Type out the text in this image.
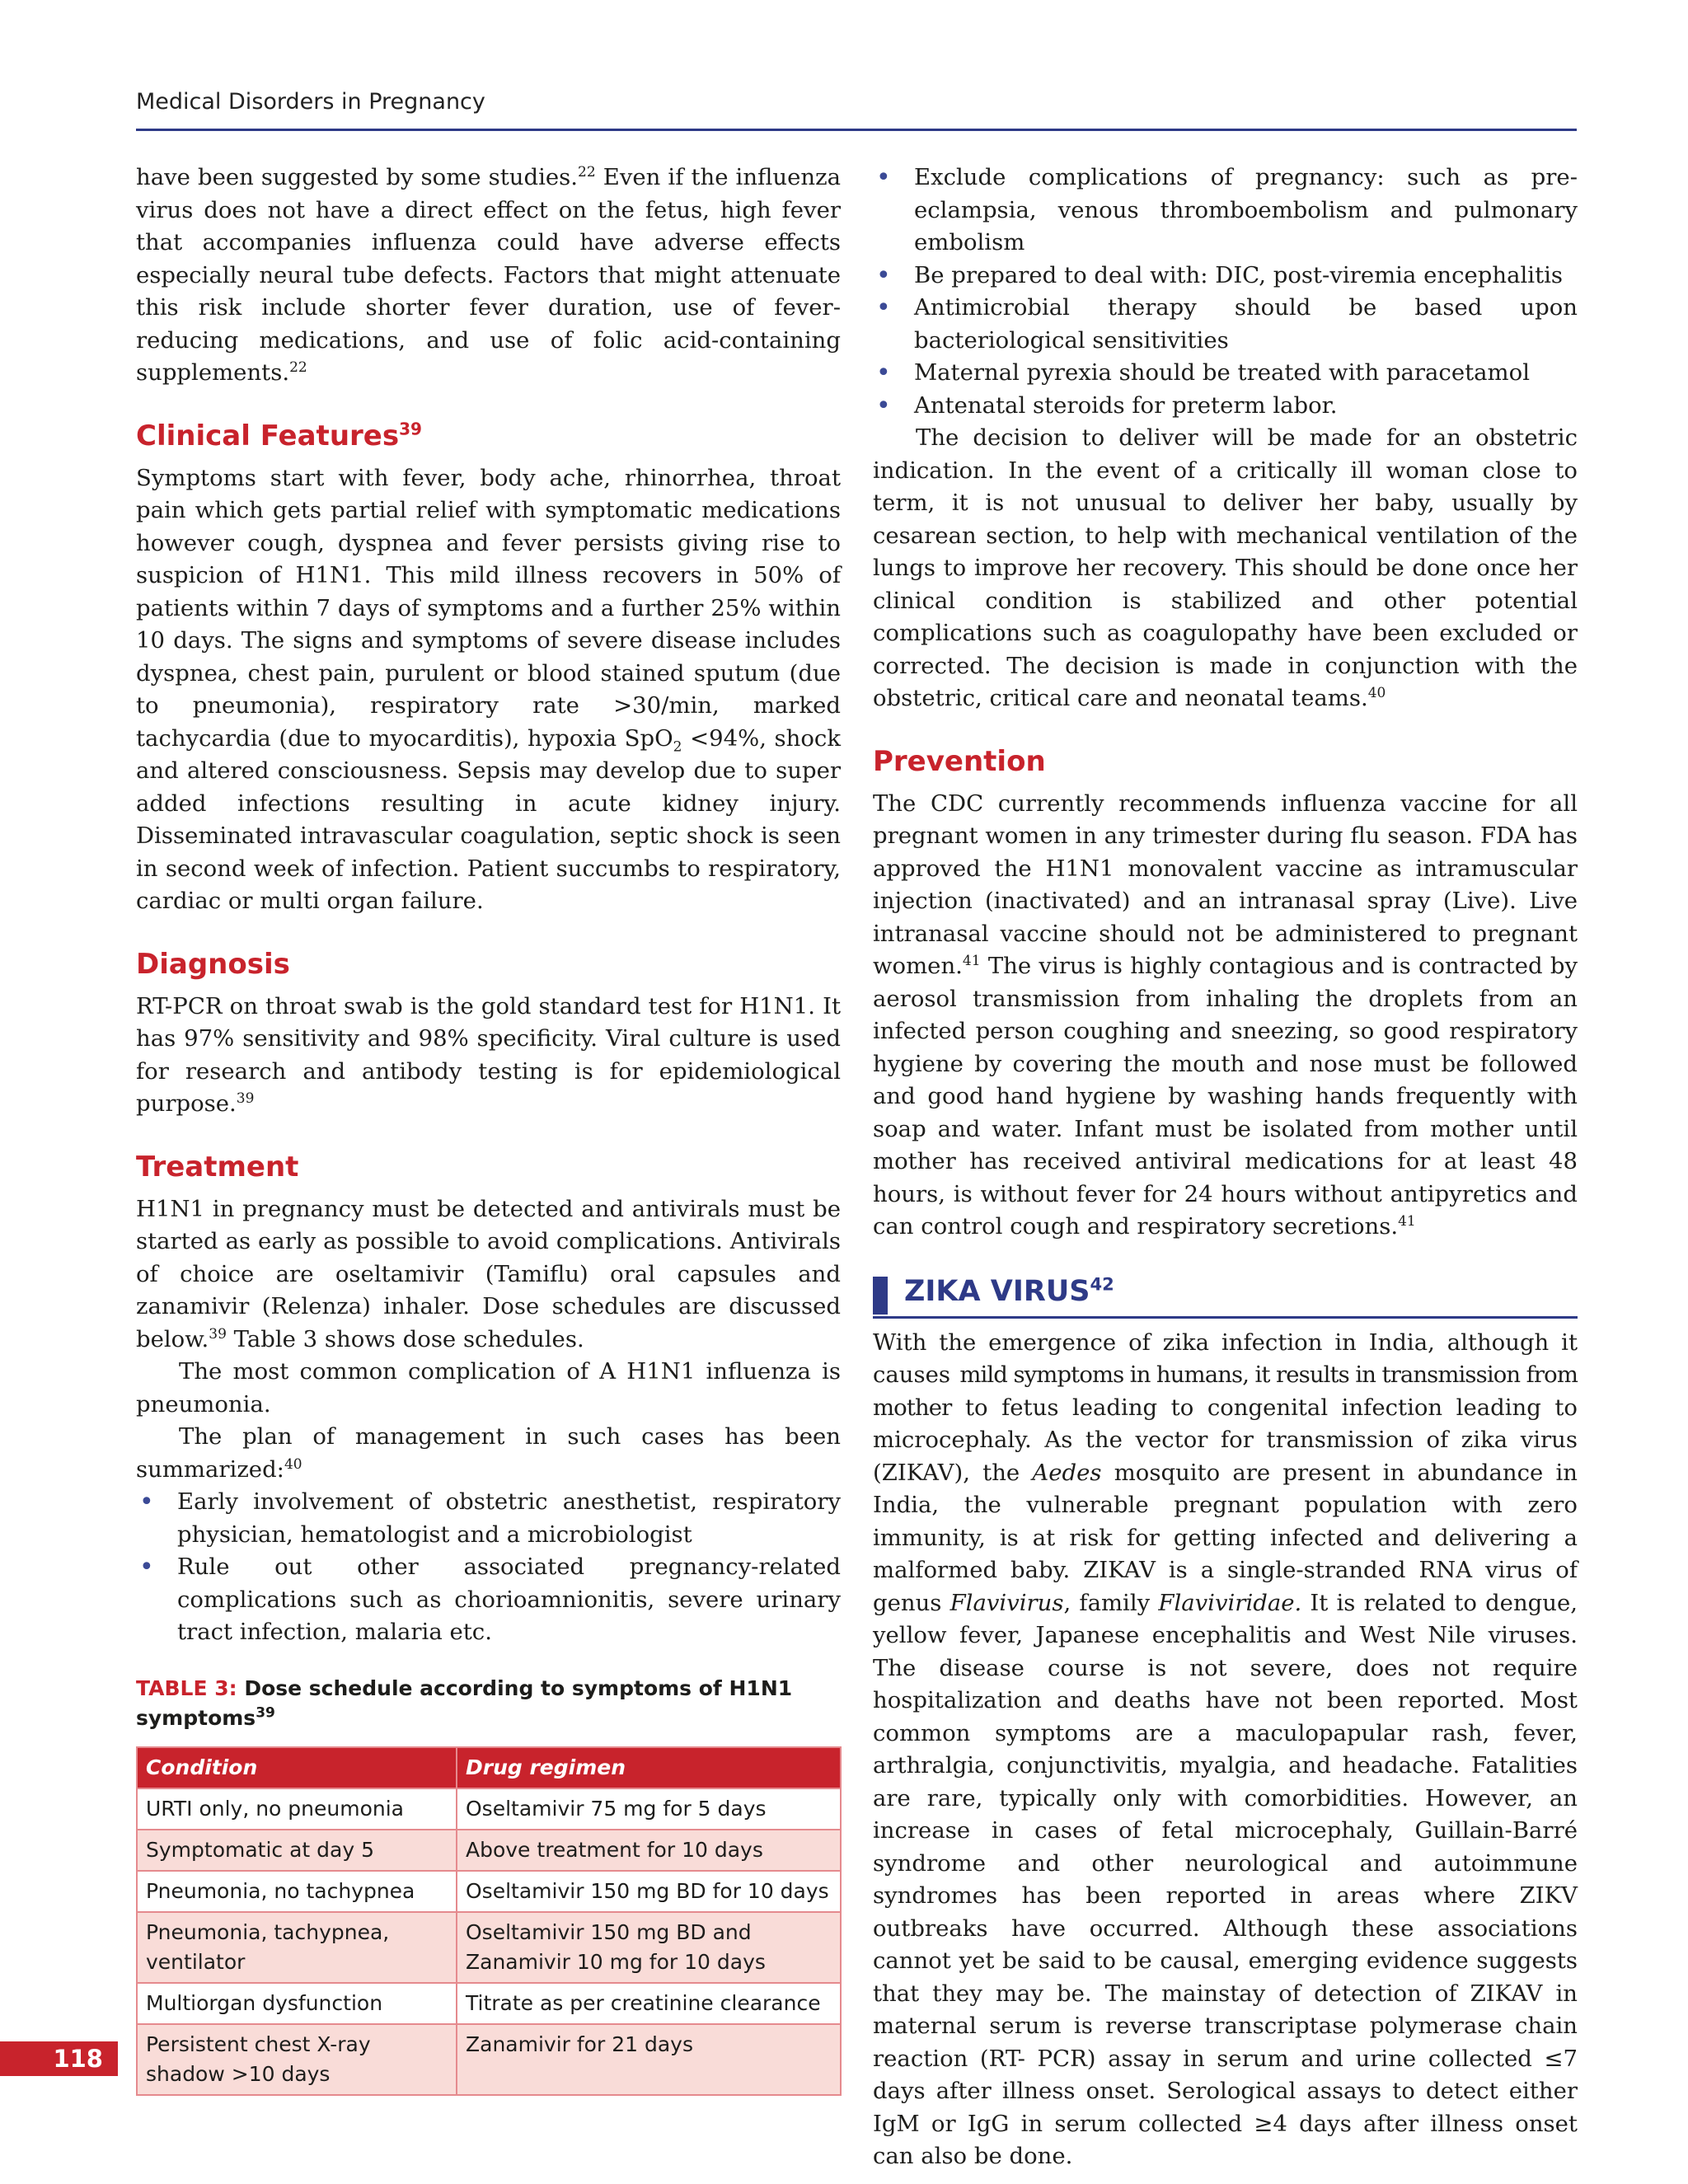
Medical Disorders in Pregnancy

have been suggested by some studies.$^{22}$ Even if the influenza virus does not have a direct effect on the fetus, high fever that accompanies influenza could have adverse effects especially neural tube defects. Factors that might attenuate this risk include shorter fever duration, use of fever-reducing medications, and use of folic acid-containing supplements.$^{22}$

Clinical Features$^{39}$

Symptoms start with fever, body ache, rhinorrhea, throat pain which gets partial relief with symptomatic medications however cough, dyspnea and fever persists giving rise to suspicion of H1N1. This mild illness recovers in 50% of patients within 7 days of symptoms and a further 25% within 10 days. The signs and symptoms of severe disease includes dyspnea, chest pain, purulent or blood stained sputum (due to pneumonia), respiratory rate >30/min, marked tachycardia (due to myocarditis), hypoxia SpO$_2$ <94%, shock and altered consciousness. Sepsis may develop due to super added infections resulting in acute kidney injury. Disseminated intravascular coagulation, septic shock is seen in second week of infection. Patient succumbs to respiratory, cardiac or multi organ failure.

Diagnosis

RT-PCR on throat swab is the gold standard test for H1N1. It has 97% sensitivity and 98% specificity. Viral culture is used for research and antibody testing is for epidemiological purpose.$^{39}$

Treatment

H1N1 in pregnancy must be detected and antivirals must be started as early as possible to avoid complications. Antivirals of choice are oseltamivir (Tamiflu) oral capsules and zanamivir (Relenza) inhaler. Dose schedules are discussed below.$^{39}$ Table 3 shows dose schedules.

The most common complication of A H1N1 influenza is pneumonia.

The plan of management in such cases has been summarized:$^{40}$

• Early involvement of obstetric anesthetist, respiratory physician, hematologist and a microbiologist
• Rule out other associated pregnancy-related complications such as chorioamnionitis, severe urinary tract infection, malaria etc.
TABLE 3: Dose schedule according to symptoms of H1N1 symptoms$^{39}$
Condition	Drug regimen
URTI only, no pneumonia	Oseltamivir 75 mg for 5 days
Symptomatic at day 5	Above treatment for 10 days
Pneumonia, no tachypnea	Oseltamivir 150 mg BD for 10 days
Pneumonia, tachypnea, ventilator	Oseltamivir 150 mg BD and Zanamivir 10 mg for 10 days
Multiorgan dysfunction	Titrate as per creatinine clearance
Persistent chest X-ray shadow >10 days	Zanamivir for 21 days
• Exclude complications of pregnancy: such as pre-eclampsia, venous thromboembolism and pulmonary embolism
• Be prepared to deal with: DIC, post-viremia encephalitis
• Antimicrobial therapy should be based upon bacteriological sensitivities
• Maternal pyrexia should be treated with paracetamol
• Antenatal steroids for preterm labor.

The decision to deliver will be made for an obstetric indication. In the event of a critically ill woman close to term, it is not unusual to deliver her baby, usually by cesarean section, to help with mechanical ventilation of the lungs to improve her recovery. This should be done once her clinical condition is stabilized and other potential complications such as coagulopathy have been excluded or corrected. The decision is made in conjunction with the obstetric, critical care and neonatal teams.$^{40}$

Prevention

The CDC currently recommends influenza vaccine for all pregnant women in any trimester during flu season. FDA has approved the H1N1 monovalent vaccine as intramuscular injection (inactivated) and an intranasal spray (Live). Live intranasal vaccine should not be administered to pregnant women.$^{41}$ The virus is highly contagious and is contracted by aerosol transmission from inhaling the droplets from an infected person coughing and sneezing, so good respiratory hygiene by covering the mouth and nose must be followed and good hand hygiene by washing hands frequently with soap and water. Infant must be isolated from mother until mother has received antiviral medications for at least 48 hours, is without fever for 24 hours without antipyretics and can control cough and respiratory secretions.$^{41}$

ZIKA VIRUS$^{42}$

With the emergence of zika infection in India, although it causes mild symptoms in humans, it results in transmission from mother to fetus leading to congenital infection leading to microcephaly. As the vector for transmission of zika virus (ZIKAV), the Aedes mosquito are present in abundance in India, the vulnerable pregnant population with zero immunity, is at risk for getting infected and delivering a malformed baby. ZIKAV is a single-stranded RNA virus of genus Flavivirus, family Flaviviridae. It is related to dengue, yellow fever, Japanese encephalitis and West Nile viruses. The disease course is not severe, does not require hospitalization and deaths have not been reported. Most common symptoms are a maculopapular rash, fever, arthralgia, conjunctivitis, myalgia, and headache. Fatalities are rare, typically only with comorbidities. However, an increase in cases of fetal microcephaly, Guillain-Barré syndrome and other neurological and autoimmune syndromes has been reported in areas where ZIKV outbreaks have occurred. Although these associations cannot yet be said to be causal, emerging evidence suggests that they may be. The mainstay of detection of ZIKAV in maternal serum is reverse transcriptase polymerase chain reaction (RT- PCR) assay in serum and urine collected ≤7 days after illness onset. Serological assays to detect either IgM or IgG in serum collected ≥4 days after illness onset can also be done.

118
